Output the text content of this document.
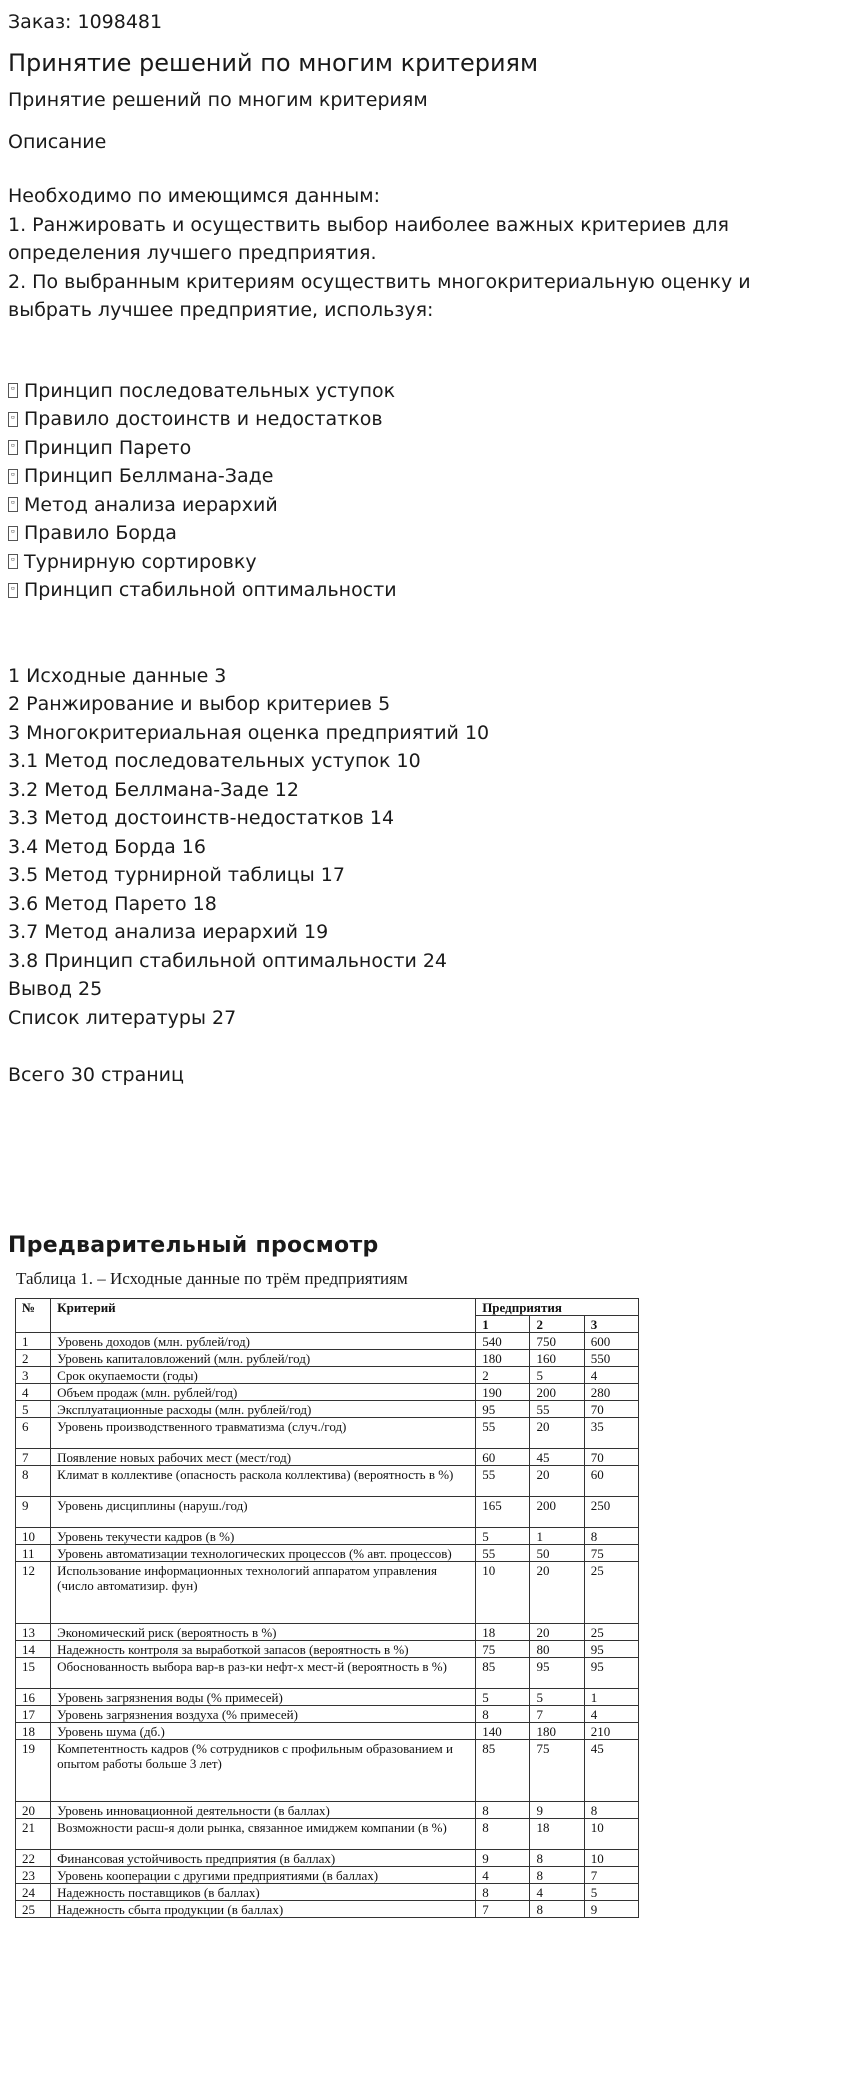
Заказ: 1098481
Принятие решений по многим критериям
Принятие решений по многим критериям
Описание
Необходимо по имеющимся данным:
1. Ранжировать и осуществить выбор наиболее важных критериев для
определения лучшего предприятия.
2. По выбранным критериям осуществить многокритериальную оценку и
выбрать лучшее предприятие, используя:
▫ Принцип последовательных уступок
▫ Правило достоинств и недостатков
▫ Принцип Парето
▫ Принцип Беллмана-Заде
▫ Метод анализа иерархий
▫ Правило Борда
▫ Турнирную сортировку
▫ Принцип стабильной оптимальности
1 Исходные данные 3
2 Ранжирование и выбор критериев 5
3 Многокритериальная оценка предприятий 10
3.1 Метод последовательных уступок 10
3.2 Метод Беллмана-Заде 12
3.3 Метод достоинств-недостатков 14
3.4 Метод Борда 16
3.5 Метод турнирной таблицы 17
3.6 Метод Парето 18
3.7 Метод анализа иерархий 19
3.8 Принцип стабильной оптимальности 24
Вывод 25
Список литературы 27
Всего 30 страниц
Предварительный просмотр
Таблица 1. – Исходные данные по трём предприятиям
№	Критерий	Предприятия		
		1	2	3
1	Уровень доходов (млн. рублей/год)	540	750	600
2	Уровень капиталовложений (млн. рублей/год)	180	160	550
3	Срок окупаемости (годы)	2	5	4
4	Объем продаж (млн. рублей/год)	190	200	280
5	Эксплуатационные расходы (млн. рублей/год)	95	55	70
6	Уровень производственного травматизма (случ./год)	55	20	35
7	Появление новых рабочих мест (мест/год)	60	45	70
8	Климат в коллективе (опасность раскола коллектива) (вероятность в %)	55	20	60
9	Уровень дисциплины (наруш./год)	165	200	250
10	Уровень текучести кадров (в %)	5	1	8
11	Уровень автоматизации технологических процессов (% авт. процессов)	55	50	75
12	Использование информационных технологий аппаратом управления (число автоматизир. фун)	10	20	25
13	Экономический риск (вероятность в %)	18	20	25
14	Надежность контроля за выработкой запасов (вероятность в %)	75	80	95
15	Обоснованность выбора вар-в раз-ки нефт-х мест-й (вероятность в %)	85	95	95
16	Уровень загрязнения воды (% примесей)	5	5	1
17	Уровень загрязнения воздуха (% примесей)	8	7	4
18	Уровень шума (дб.)	140	180	210
19	Компетентность кадров (% сотрудников с профильным образованием и опытом работы больше 3 лет)	85	75	45
20	Уровень инновационной деятельности (в баллах)	8	9	8
21	Возможности расш-я доли рынка, связанное имиджем компании (в %)	8	18	10
22	Финансовая устойчивость предприятия (в баллах)	9	8	10
23	Уровень кооперации с другими предприятиями (в баллах)	4	8	7
24	Надежность поставщиков (в баллах)	8	4	5
25	Надежность сбыта продукции (в баллах)	7	8	9
